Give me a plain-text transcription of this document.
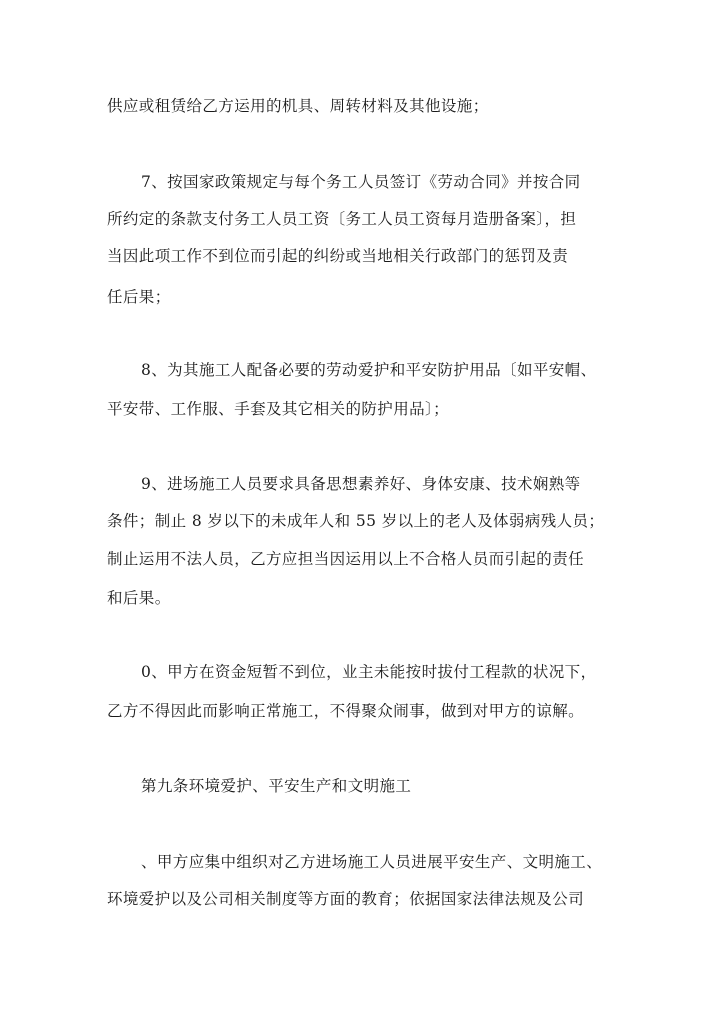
供应或租赁给乙方运用的机具、周转材料及其他设施；
7、按国家政策规定与每个务工人员签订《劳动合同》并按合同
所约定的条款支付务工人员工资〔务工人员工资每月造册备案〕，担
当因此项工作不到位而引起的纠纷或当地相关行政部门的惩罚及责
任后果；
8、为其施工人配备必要的劳动爱护和平安防护用品〔如平安帽、
平安带、工作服、手套及其它相关的防护用品〕；
9、进场施工人员要求具备思想素养好、身体安康、技术娴熟等
条件；制止 8 岁以下的未成年人和 55 岁以上的老人及体弱病残人员；
制止运用不法人员，乙方应担当因运用以上不合格人员而引起的责任
和后果。
0、甲方在资金短暂不到位，业主未能按时拔付工程款的状况下，
乙方不得因此而影响正常施工，不得聚众闹事，做到对甲方的谅解。
第九条环境爱护、平安生产和文明施工
、甲方应集中组织对乙方进场施工人员进展平安生产、文明施工、
环境爱护以及公司相关制度等方面的教育；依据国家法律法规及公司
